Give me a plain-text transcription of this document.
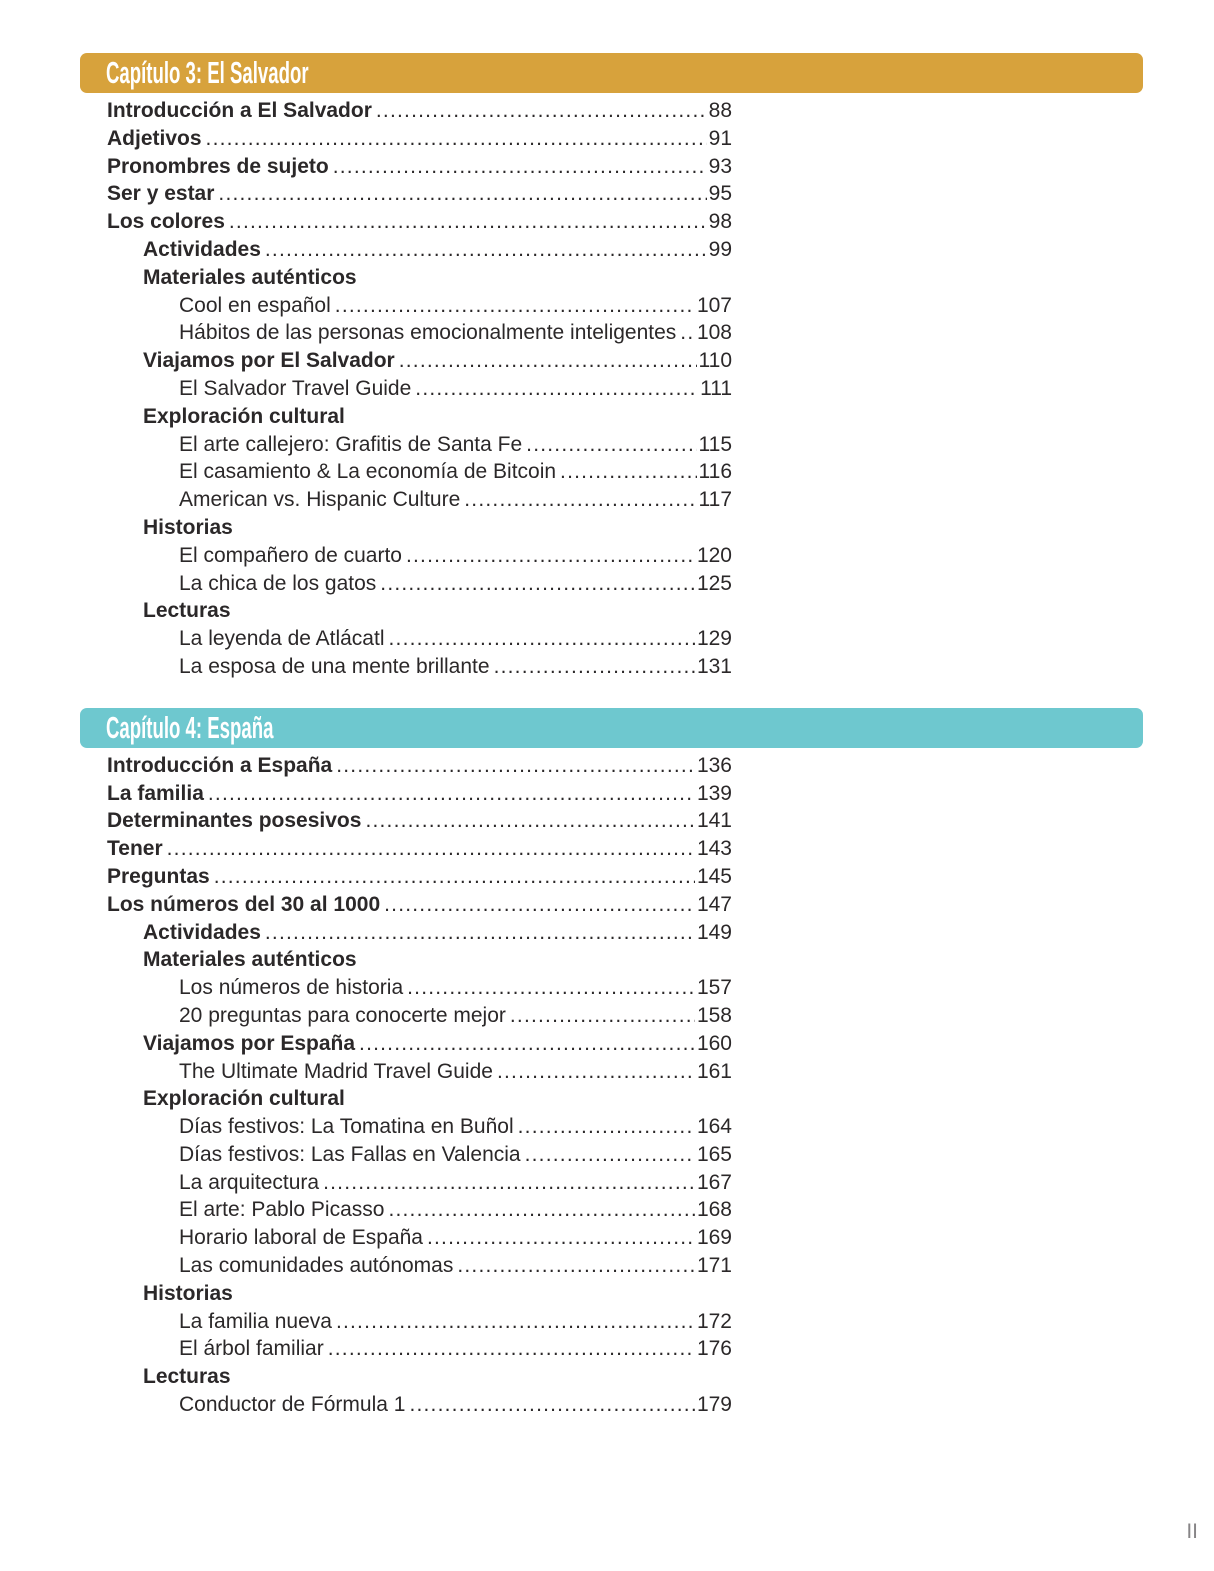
Capítulo 3: El Salvador
Introducción a El Salvador .....	88
Adjetivos .....	91
Pronombres de sujeto .....	93
Ser y estar .....	95
Los colores .....	98
Actividades .....	99
Materiales auténticos
Cool en español .....	107
Hábitos de las personas emocionalmente inteligentes ..... 108
Viajamos por El Salvador .....	110
El Salvador Travel Guide .....	111
Exploración cultural
El arte callejero: Grafitis de Santa Fe .....	115
El casamiento & La economía de Bitcoin .....	116
American vs. Hispanic Culture .....	117
Historias
El compañero de cuarto .....	120
La chica de los gatos .....	125
Lecturas
La leyenda de Atlácatl .....	129
La esposa de una mente brillante .....	131
Capítulo 4: España
Introducción a España .....	136
La familia .....	139
Determinantes posesivos .....	141
Tener .....	143
Preguntas .....	145
Los números del 30 al 1000 .....	147
Actividades .....	149
Materiales auténticos
Los números de historia .....	157
20 preguntas para conocerte mejor .....	158
Viajamos por España .....	160
The Ultimate Madrid Travel Guide .....	161
Exploración cultural
Días festivos: La Tomatina en Buñol .....	164
Días festivos: Las Fallas en Valencia .....	165
La arquitectura .....	167
El arte: Pablo Picasso .....	168
Horario laboral de España .....	169
Las comunidades autónomas .....	171
Historias
La familia nueva .....	172
El árbol familiar .....	176
Lecturas
Conductor de Fórmula 1 .....	179
II
